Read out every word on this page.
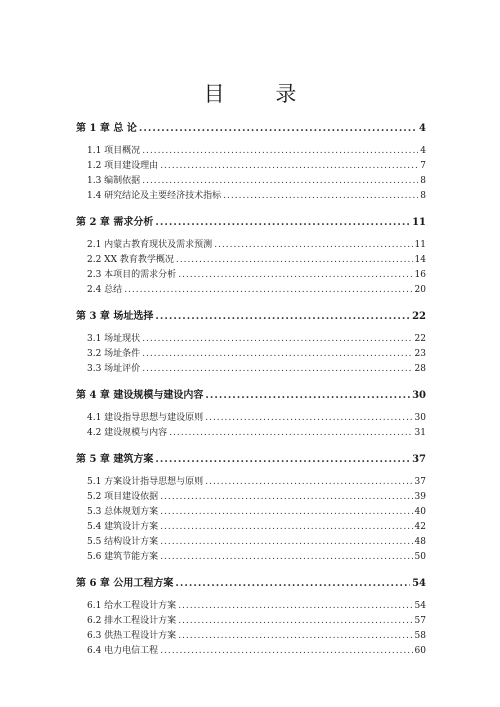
目 录
第 1 章 总 论 .....	4
1.1 项目概况 .....	4
1.2 项目建设理由 .....	7
1.3 编制依据 .....	8
1.4 研究结论及主要经济技术指标 .....	8
第 2 章 需求分析 .....	11
2.1 内蒙古教育现状及需求预测 .....	11
2.2 XX 教育教学概况 .....	14
2.3 本项目的需求分析 .....	16
2.4 总结 .....	20
第 3 章 场址选择 .....	22
3.1 场址现状 .....	22
3.2 场址条件 .....	23
3.3 场址评价 .....	28
第 4 章 建设规模与建设内容 .....	30
4.1 建设指导思想与建设原则 .....	30
4.2 建设规模与内容 .....	31
第 5 章 建筑方案 .....	37
5.1 方案设计指导思想与原则 .....	37
5.2 项目建设依据 .....	39
5.3 总体规划方案 .....	40
5.4 建筑设计方案 .....	42
5.5 结构设计方案 .....	48
5.6 建筑节能方案 .....	50
第 6 章 公用工程方案 .....	54
6.1 给水工程设计方案 .....	54
6.2 排水工程设计方案 .....	57
6.3 供热工程设计方案 .....	58
6.4 电力电信工程 .....	60
